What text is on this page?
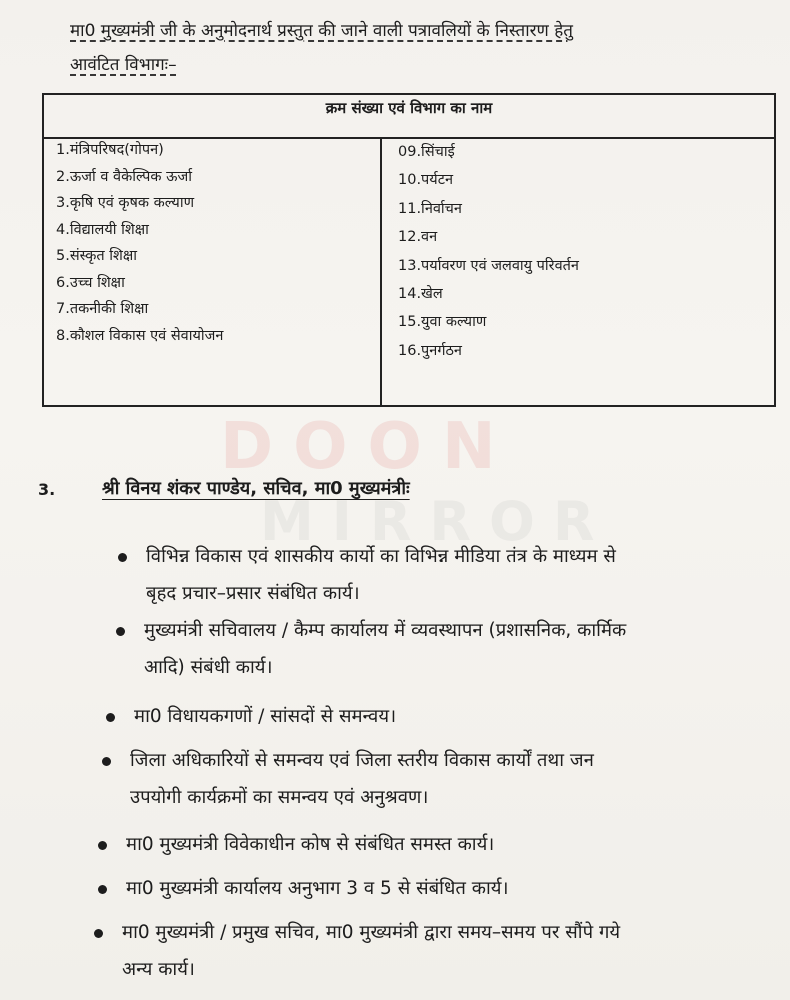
मा0 मुख्यमंत्री जी के अनुमोदनार्थ प्रस्तुत की जाने वाली पत्रावलियों के निस्तारण हेतु
आवंटित विभागः–
क्रम संख्या एवं विभाग का नाम
1.मंत्रिपरिषद(गोपन)
2.ऊर्जा व वैकेल्पिक ऊर्जा
3.कृषि एवं कृषक कल्याण
4.विद्यालयी शिक्षा
5.संस्कृत शिक्षा
6.उच्च शिक्षा
7.तकनीकी शिक्षा
8.कौशल विकास एवं सेवायोजन
09.सिंचाई
10.पर्यटन
11.निर्वाचन
12.वन
13.पर्यावरण एवं जलवायु परिवर्तन
14.खेल
15.युवा कल्याण
16.पुनर्गठन
DOON
MIRROR
3.	श्री विनय शंकर पाण्डेय, सचिव, मा0 मुख्यमंत्रीः
विभिन्न विकास एवं शासकीय कार्यो का विभिन्न मीडिया तंत्र के माध्यम से
बृहद प्रचार–प्रसार संबंधित कार्य।
मुख्यमंत्री सचिवालय / कैम्प कार्यालय में व्यवस्थापन (प्रशासनिक, कार्मिक
आदि) संबंधी कार्य।
मा0 विधायकगणों / सांसदों से समन्वय।
जिला अधिकारियों से समन्वय एवं जिला स्तरीय विकास कार्यों तथा जन
उपयोगी कार्यक्रमों का समन्वय एवं अनुश्रवण।
मा0 मुख्यमंत्री विवेकाधीन कोष से संबंधित समस्त कार्य।
मा0 मुख्यमंत्री कार्यालय अनुभाग 3 व 5 से संबंधित कार्य।
मा0 मुख्यमंत्री / प्रमुख सचिव, मा0 मुख्यमंत्री द्वारा समय–समय पर सौंपे गये
अन्य कार्य।
